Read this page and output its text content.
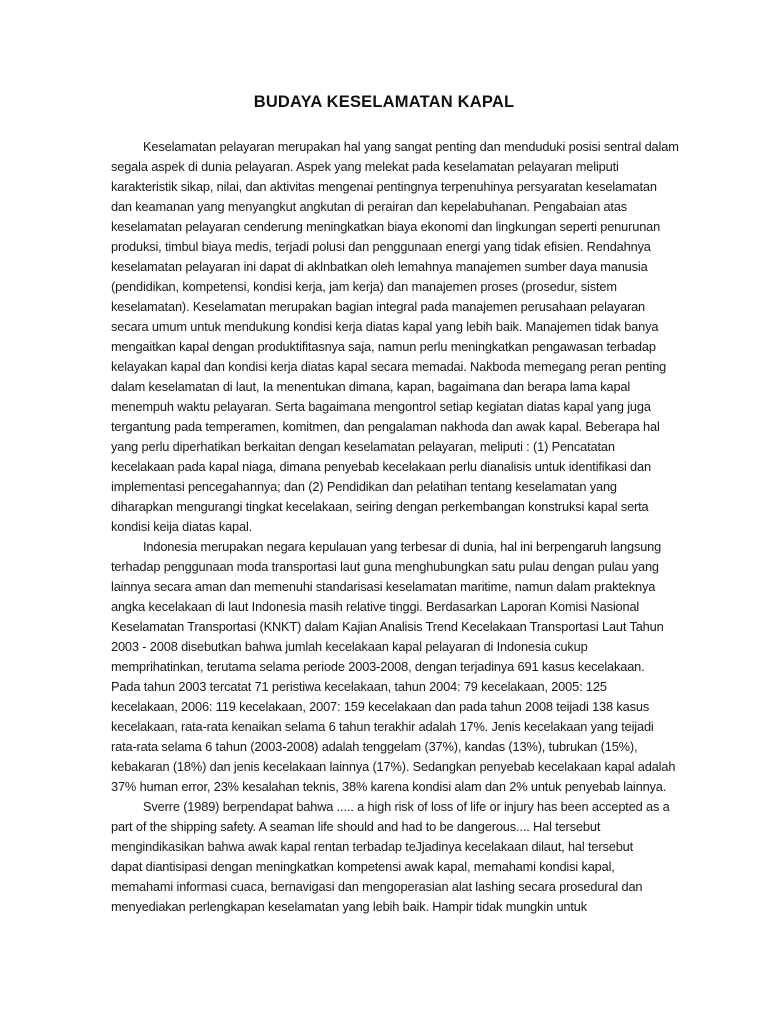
BUDAYA KESELAMATAN KAPAL
Keselamatan pelayaran merupakan hal yang sangat penting dan menduduki posisi sentral dalam
segala aspek di dunia pelayaran. Aspek yang melekat pada keselamatan pelayaran meliputi
karakteristik sikap, nilai, dan aktivitas mengenai pentingnya terpenuhinya persyaratan keselamatan
dan keamanan yang menyangkut angkutan di perairan dan kepelabuhanan. Pengabaian atas
keselamatan pelayaran cenderung meningkatkan biaya ekonomi dan lingkungan seperti penurunan
produksi, timbul biaya medis, terjadi polusi dan penggunaan energi yang tidak efisien. Rendahnya
keselamatan pelayaran ini dapat di aklnbatkan oleh lemahnya manajemen sumber daya manusia
(pendidikan, kompetensi, kondisi kerja, jam kerja) dan manajemen proses (prosedur, sistem
keselamatan). Keselamatan merupakan bagian integral pada manajemen perusahaan pelayaran
secara umum untuk mendukung kondisi kerja diatas kapal yang lebih baik. Manajemen tidak banya
mengaitkan kapal dengan produktifitasnya saja, namun perlu meningkatkan pengawasan terbadap
kelayakan kapal dan kondisi kerja diatas kapal secara memadai. Nakboda memegang peran penting
dalam keselamatan di laut, Ia menentukan dimana, kapan, bagaimana dan berapa lama kapal
menempuh waktu pelayaran. Serta bagaimana mengontrol setiap kegiatan diatas kapal yang juga
tergantung pada temperamen, komitmen, dan pengalaman nakhoda dan awak kapal. Beberapa hal
yang perlu diperhatikan berkaitan dengan keselamatan pelayaran, meliputi : (1) Pencatatan
kecelakaan pada kapal niaga, dimana penyebab kecelakaan perlu dianalisis untuk identifikasi dan
implementasi pencegahannya; dan (2) Pendidikan dan pelatihan tentang keselamatan yang
diharapkan mengurangi tingkat kecelakaan, seiring dengan perkembangan konstruksi kapal serta
kondisi keija diatas kapal.
Indonesia merupakan negara kepulauan yang terbesar di dunia, hal ini berpengaruh langsung
terhadap penggunaan moda transportasi laut guna menghubungkan satu pulau dengan pulau yang
lainnya secara aman dan memenuhi standarisasi keselamatan maritime, namun dalam prakteknya
angka kecelakaan di laut Indonesia masih relative tinggi. Berdasarkan Laporan Komisi Nasional
Keselamatan Transportasi (KNKT) dalam Kajian Analisis Trend Kecelakaan Transportasi Laut Tahun
2003 - 2008 disebutkan bahwa jumlah kecelakaan kapal pelayaran di Indonesia cukup
memprihatinkan, terutama selama periode 2003-2008, dengan terjadinya 691 kasus kecelakaan.
Pada tahun 2003 tercatat 71 peristiwa kecelakaan, tahun 2004: 79 kecelakaan, 2005: 125
kecelakaan, 2006: 119 kecelakaan, 2007: 159 kecelakaan dan pada tahun 2008 teijadi 138 kasus
kecelakaan, rata-rata kenaikan selama 6 tahun terakhir adalah 17%. Jenis kecelakaan yang teijadi
rata-rata selama 6 tahun (2003-2008) adalah tenggelam (37%), kandas (13%), tubrukan (15%),
kebakaran (18%) dan jenis kecelakaan lainnya (17%). Sedangkan penyebab kecelakaan kapal adalah
37% human error, 23% kesalahan teknis, 38% karena kondisi alam dan 2% untuk penyebab lainnya.
Sverre (1989) berpendapat bahwa ..... a high risk of loss of life or injury has been accepted as a
part of the shipping safety. A seaman life should and had to be dangerous.... Hal tersebut
mengindikasikan bahwa awak kapal rentan terbadap teJjadinya kecelakaan dilaut, hal tersebut
dapat diantisipasi dengan meningkatkan kompetensi awak kapal, memahami kondisi kapal,
memahami informasi cuaca, bernavigasi dan mengoperasian alat lashing secara prosedural dan
menyediakan perlengkapan keselamatan yang lebih baik. Hampir tidak mungkin untuk
